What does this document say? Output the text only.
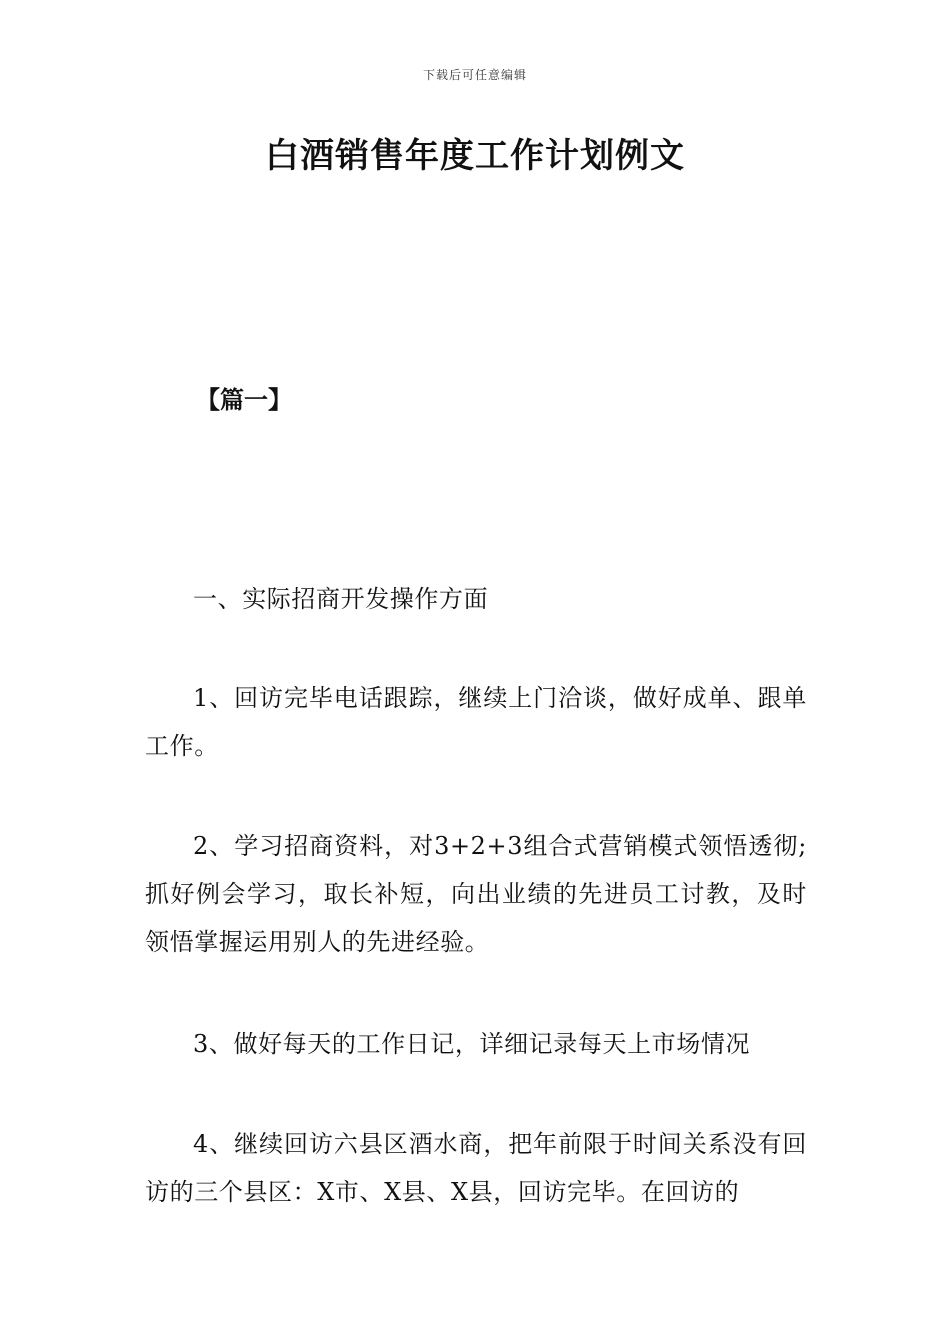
下载后可任意编辑
白酒销售年度工作计划例文
【篇一】

一、实际招商开发操作方面

1、回访完毕电话跟踪，继续上门洽谈，做好成单、跟单工作。

2、学习招商资料，对3+2+3组合式营销模式领悟透彻;抓好例会学习，取长补短，向出业绩的先进员工讨教，及时领悟掌握运用别人的先进经验。

3、做好每天的工作日记，详细记录每天上市场情况

4、继续回访六县区酒水商，把年前限于时间关系没有回访的三个县区：X市、X县、X县，回访完毕。在回访的
